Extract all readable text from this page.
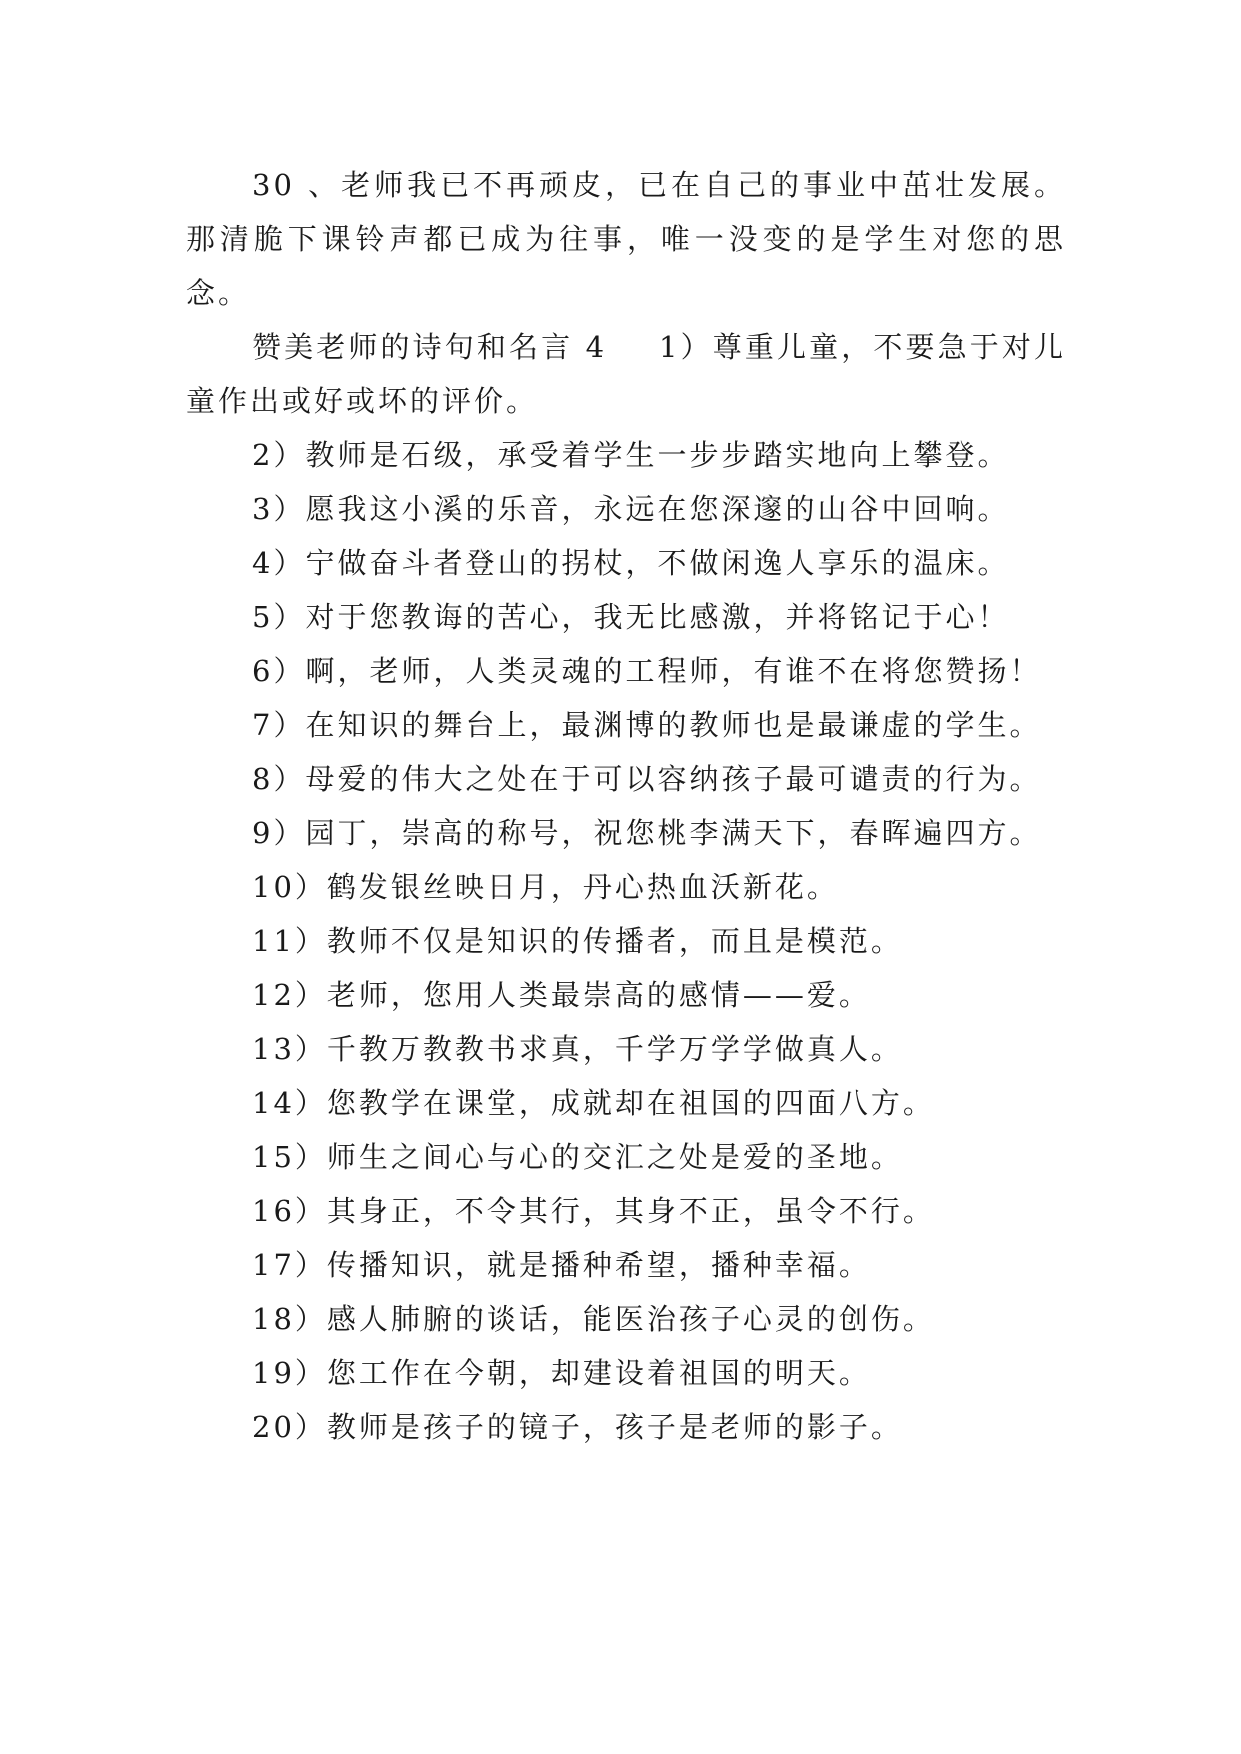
30 、老师我已不再顽皮，已在自己的事业中茁壮发展。那清脆下课铃声都已成为往事，唯一没变的是学生对您的思念。

赞美老师的诗句和名言 4 1）尊重儿童，不要急于对儿童作出或好或坏的评价。

2）教师是石级，承受着学生一步步踏实地向上攀登。

3）愿我这小溪的乐音，永远在您深邃的山谷中回响。

4）宁做奋斗者登山的拐杖，不做闲逸人享乐的温床。

5）对于您教诲的苦心，我无比感激，并将铭记于心！

6）啊，老师，人类灵魂的工程师，有谁不在将您赞扬！

7）在知识的舞台上，最渊博的教师也是最谦虚的学生。

8）母爱的伟大之处在于可以容纳孩子最可谴责的行为。

9）园丁，崇高的称号，祝您桃李满天下，春晖遍四方。

10）鹤发银丝映日月，丹心热血沃新花。

11）教师不仅是知识的传播者，而且是模范。

12）老师，您用人类最崇高的感情——爱。

13）千教万教教书求真，千学万学学做真人。

14）您教学在课堂，成就却在祖国的四面八方。

15）师生之间心与心的交汇之处是爱的圣地。

16）其身正，不令其行，其身不正，虽令不行。

17）传播知识，就是播种希望，播种幸福。

18）感人肺腑的谈话，能医治孩子心灵的创伤。

19）您工作在今朝，却建设着祖国的明天。

20）教师是孩子的镜子，孩子是老师的影子。
